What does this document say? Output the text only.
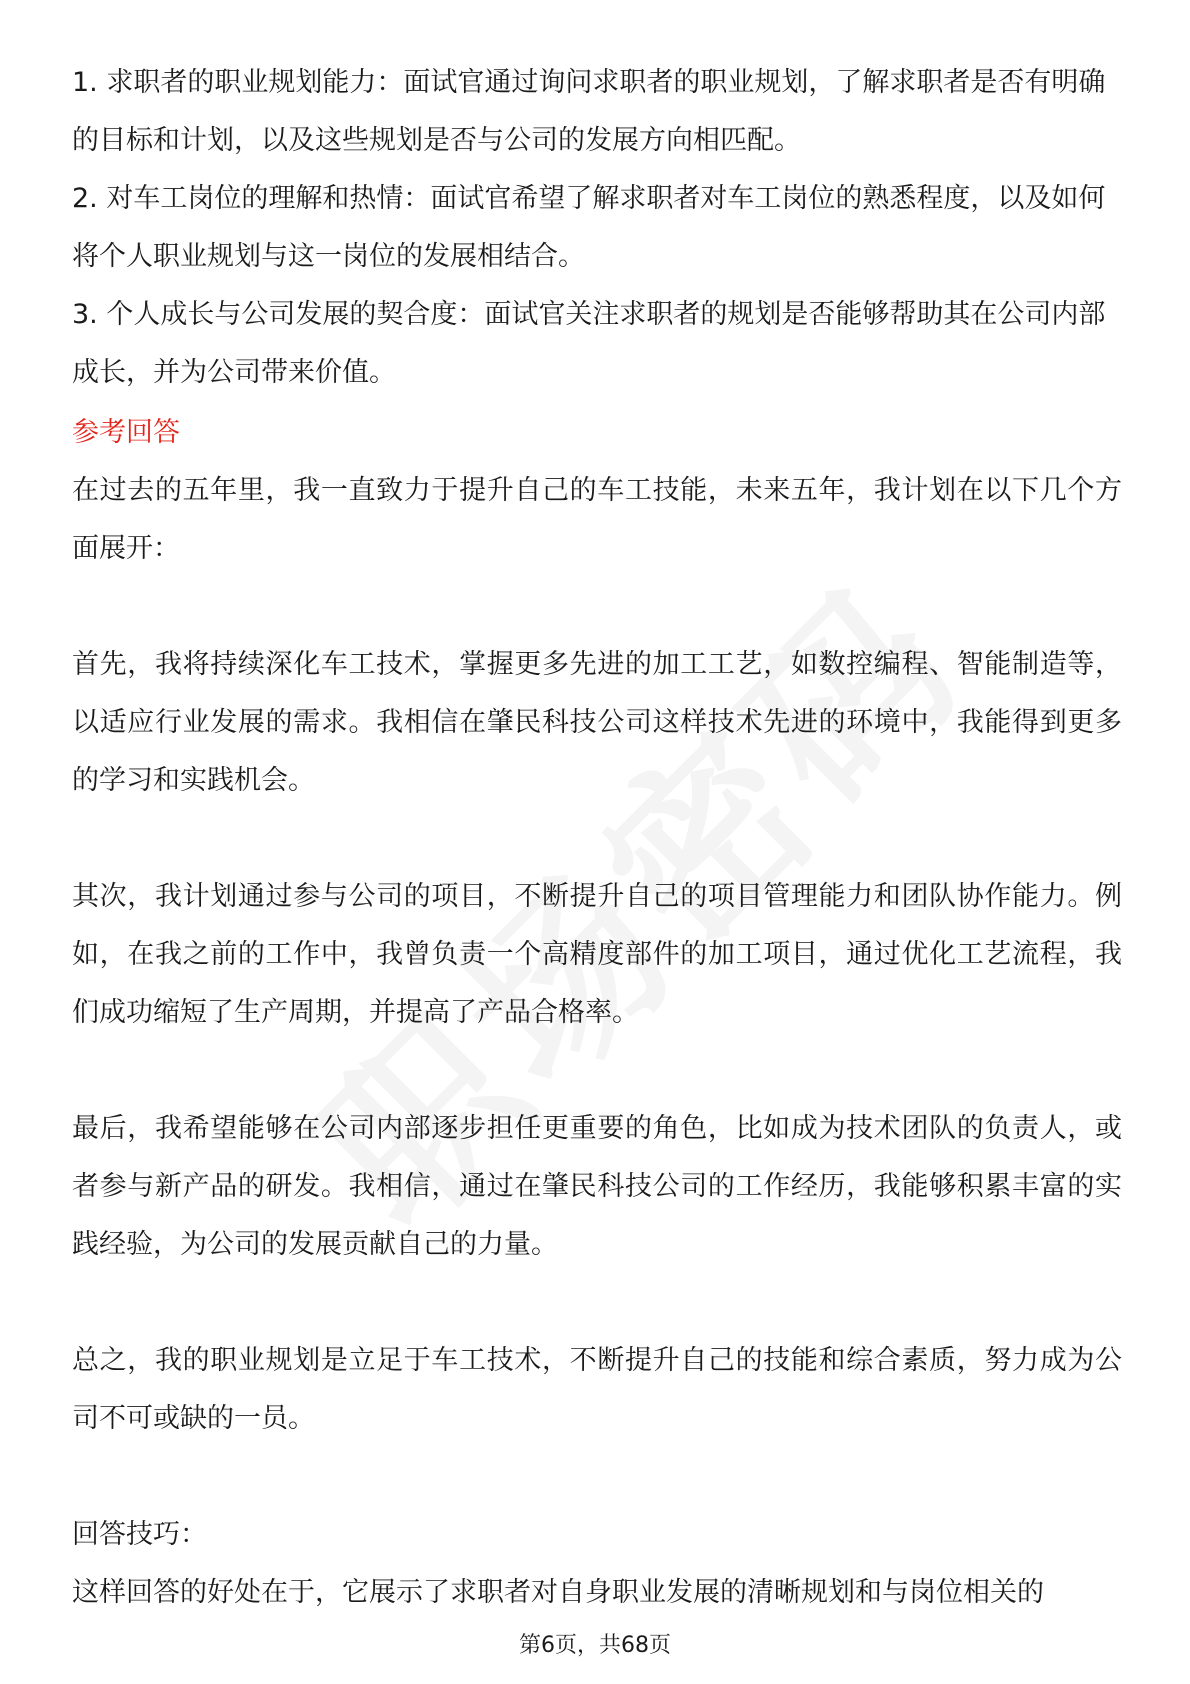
1. 求职者的职业规划能力：面试官通过询问求职者的职业规划，了解求职者是否有明确的目标和计划，以及这些规划是否与公司的发展方向相匹配。

2. 对车工岗位的理解和热情：面试官希望了解求职者对车工岗位的熟悉程度，以及如何将个人职业规划与这一岗位的发展相结合。

3. 个人成长与公司发展的契合度：面试官关注求职者的规划是否能够帮助其在公司内部成长，并为公司带来价值。

参考回答

在过去的五年里，我一直致力于提升自己的车工技能，未来五年，我计划在以下几个方面展开：

首先，我将持续深化车工技术，掌握更多先进的加工工艺，如数控编程、智能制造等，以适应行业发展的需求。我相信在肇民科技公司这样技术先进的环境中，我能得到更多的学习和实践机会。

其次，我计划通过参与公司的项目，不断提升自己的项目管理能力和团队协作能力。例如，在我之前的工作中，我曾负责一个高精度部件的加工项目，通过优化工艺流程，我们成功缩短了生产周期，并提高了产品合格率。

最后，我希望能够在公司内部逐步担任更重要的角色，比如成为技术团队的负责人，或者参与新产品的研发。我相信，通过在肇民科技公司的工作经历，我能够积累丰富的实践经验，为公司的发展贡献自己的力量。

总之，我的职业规划是立足于车工技术，不断提升自己的技能和综合素质，努力成为公司不可或缺的一员。

回答技巧：

这样回答的好处在于，它展示了求职者对自身职业发展的清晰规划和与岗位相关的

第6页，共68页
